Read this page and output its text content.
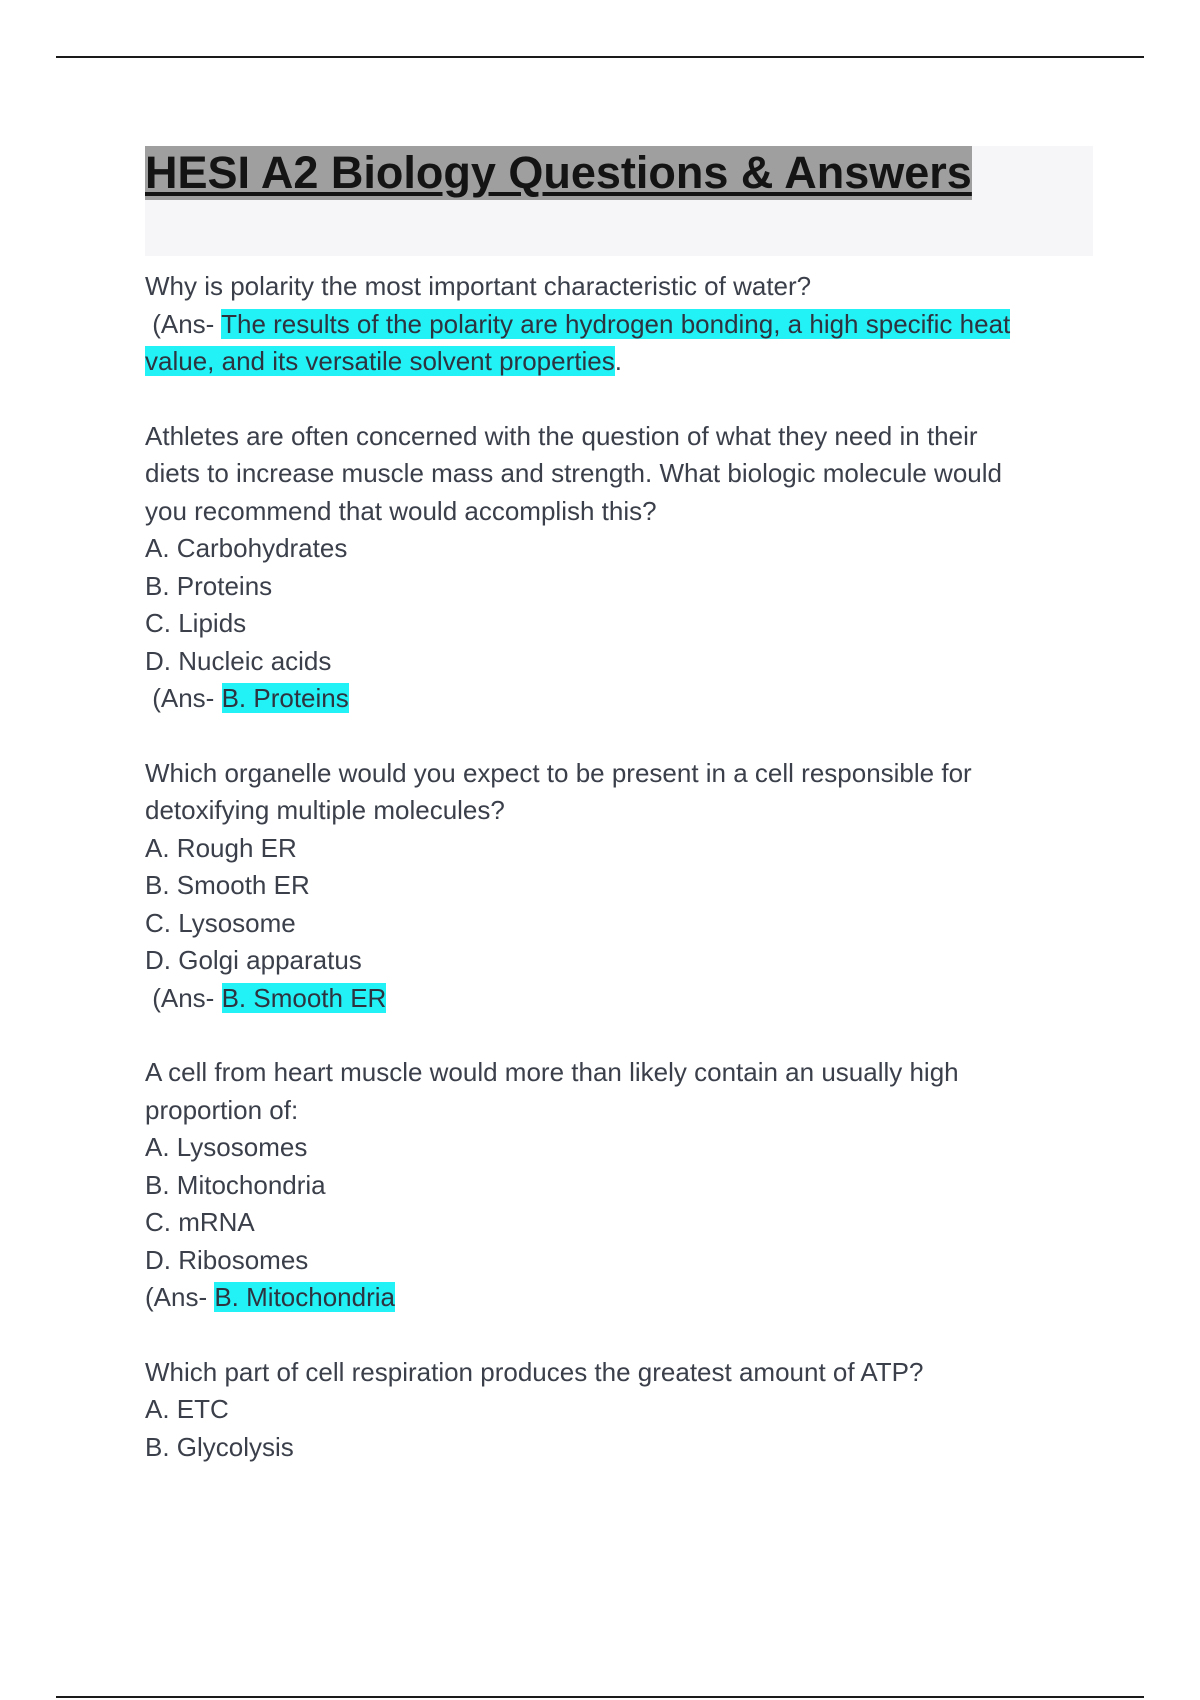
HESI A2 Biology Questions & Answers
Why is polarity the most important characteristic of water?
(Ans- The results of the polarity are hydrogen bonding, a high specific heat
value, and its versatile solvent properties.
Athletes are often concerned with the question of what they need in their
diets to increase muscle mass and strength. What biologic molecule would
you recommend that would accomplish this?
A. Carbohydrates
B. Proteins
C. Lipids
D. Nucleic acids
(Ans- B. Proteins
Which organelle would you expect to be present in a cell responsible for
detoxifying multiple molecules?
A. Rough ER
B. Smooth ER
C. Lysosome
D. Golgi apparatus
(Ans- B. Smooth ER
A cell from heart muscle would more than likely contain an usually high
proportion of:
A. Lysosomes
B. Mitochondria
C. mRNA
D. Ribosomes
(Ans- B. Mitochondria
Which part of cell respiration produces the greatest amount of ATP?
A. ETC
B. Glycolysis
